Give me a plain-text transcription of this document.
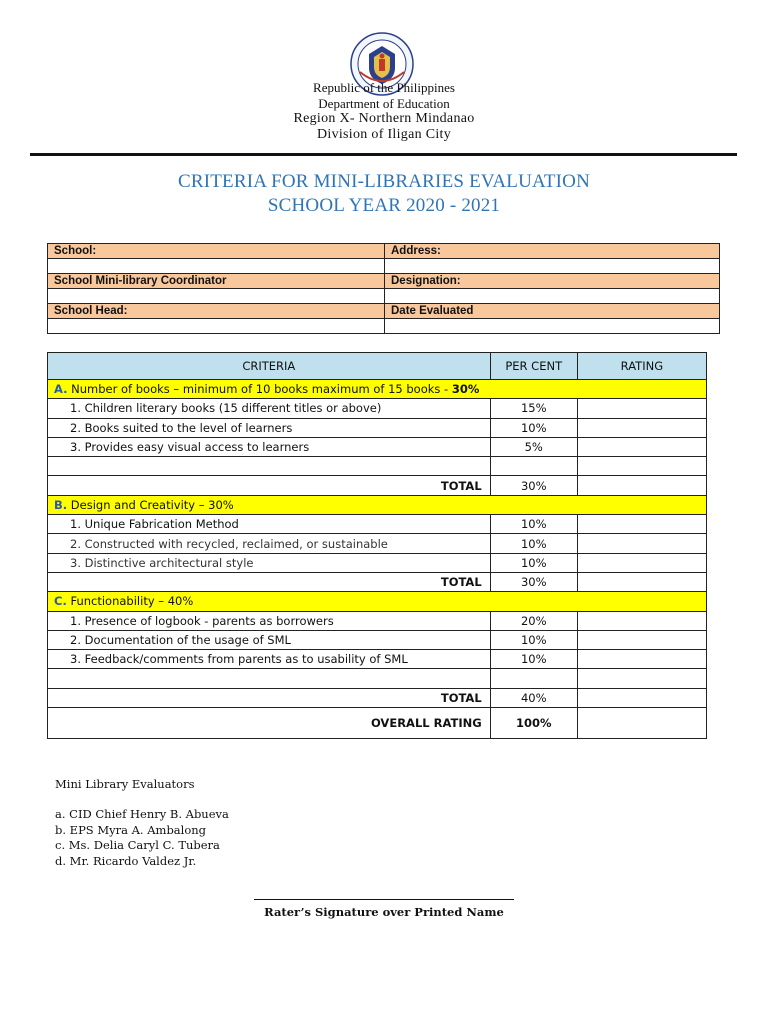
Republic of the Philippines
Department of Education
Region X- Northern Mindanao
Division of Iligan City
CRITERIA FOR MINI-LIBRARIES EVALUATION
SCHOOL YEAR 2020 - 2021
School:	Address:

School Mini-library Coordinator	Designation:

School Head:	Date Evaluated

CRITERIA	PER CENT	RATING
A. Number of books – minimum of 10 books maximum of 15 books - 30%		
1. Children literary books (15 different titles or above)	15%	
2. Books suited to the level of learners	10%	
3. Provides easy visual access to learners	5%	

TOTAL	30%	
B. Design and Creativity – 30%		
1. Unique Fabrication Method	10%	
2. Constructed with recycled, reclaimed, or sustainable	10%	
3. Distinctive architectural style	10%	
TOTAL	30%	
C. Functionability – 40%		
1. Presence of logbook - parents as borrowers	20%	
2. Documentation of the usage of SML	10%	
3. Feedback/comments from parents as to usability of SML	10%	

TOTAL	40%	
OVERALL RATING	100%	
Mini Library Evaluators
a. CID Chief Henry B. Abueva
b. EPS Myra A. Ambalong
c. Ms. Delia Caryl C. Tubera
d. Mr. Ricardo Valdez Jr.
Rater’s Signature over Printed Name
